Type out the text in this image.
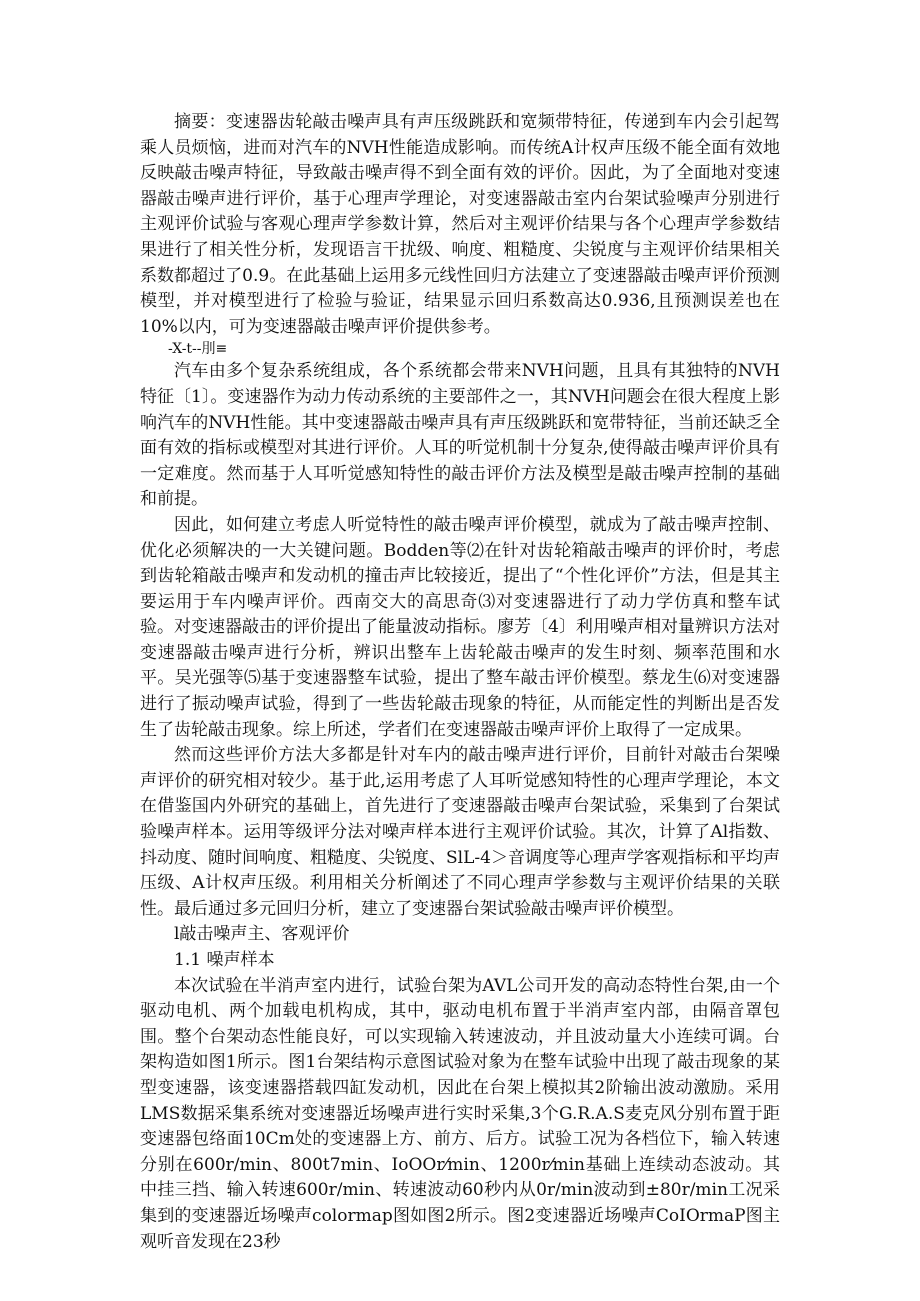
摘要：变速器齿轮敲击噪声具有声压级跳跃和宽频带特征，传递到车内会引起驾乘人员烦恼，进而对汽车的NVH性能造成影响。而传统A计权声压级不能全面有效地反映敲击噪声特征，导致敲击噪声得不到全面有效的评价。因此，为了全面地对变速器敲击噪声进行评价，基于心理声学理论，对变速器敲击室内台架试验噪声分别进行主观评价试验与客观心理声学参数计算，然后对主观评价结果与各个心理声学参数结果进行了相关性分析，发现语言干扰级、响度、粗糙度、尖锐度与主观评价结果相关系数都超过了0.9。在此基础上运用多元线性回归方法建立了变速器敲击噪声评价预测模型，并对模型进行了检验与验证，结果显示回归系数高达0.936,且预测误差也在10%以内，可为变速器敲击噪声评价提供参考。

-X-t--刖≡

汽车由多个复杂系统组成，各个系统都会带来NVH问题，且具有其独特的NVH特征〔1〕。变速器作为动力传动系统的主要部件之一，其NVH问题会在很大程度上影响汽车的NVH性能。其中变速器敲击噪声具有声压级跳跃和宽带特征，当前还缺乏全面有效的指标或模型对其进行评价。人耳的听觉机制十分复杂,使得敲击噪声评价具有一定难度。然而基于人耳听觉感知特性的敲击评价方法及模型是敲击噪声控制的基础和前提。

因此，如何建立考虑人听觉特性的敲击噪声评价模型，就成为了敲击噪声控制、优化必须解决的一大关键问题。Bodden等⑵在针对齿轮箱敲击噪声的评价时，考虑到齿轮箱敲击噪声和发动机的撞击声比较接近，提出了“个性化评价”方法，但是其主要运用于车内噪声评价。西南交大的高思奇⑶对变速器进行了动力学仿真和整车试验。对变速器敲击的评价提出了能量波动指标。廖芳〔4〕利用噪声相对量辨识方法对变速器敲击噪声进行分析，辨识出整车上齿轮敲击噪声的发生时刻、频率范围和水平。吴光强等⑸基于变速器整车试验，提出了整车敲击评价模型。蔡龙生⑹对变速器进行了振动噪声试验，得到了一些齿轮敲击现象的特征，从而能定性的判断出是否发生了齿轮敲击现象。综上所述，学者们在变速器敲击噪声评价上取得了一定成果。

然而这些评价方法大多都是针对车内的敲击噪声进行评价，目前针对敲击台架噪声评价的研究相对较少。基于此,运用考虑了人耳听觉感知特性的心理声学理论，本文在借鉴国内外研究的基础上，首先进行了变速器敲击噪声台架试验，采集到了台架试验噪声样本。运用等级评分法对噪声样本进行主观评价试验。其次，计算了Al指数、抖动度、随时间响度、粗糙度、尖锐度、SlL-4＞音调度等心理声学客观指标和平均声压级、A计权声压级。利用相关分析阐述了不同心理声学参数与主观评价结果的关联性。最后通过多元回归分析，建立了变速器台架试验敲击噪声评价模型。

l敲击噪声主、客观评价
1.1 噪声样本

本次试验在半消声室内进行，试验台架为AVL公司开发的高动态特性台架,由一个驱动电机、两个加载电机构成，其中，驱动电机布置于半消声室内部，由隔音罩包围。整个台架动态性能良好，可以实现输入转速波动，并且波动量大小连续可调。台架构造如图1所示。图1台架结构示意图试验对象为在整车试验中出现了敲击现象的某型变速器，该变速器搭载四缸发动机，因此在台架上模拟其2阶输出波动激励。采用LMS数据采集系统对变速器近场噪声进行实时采集,3个G.R.A.S麦克风分别布置于距变速器包络面10Cm处的变速器上方、前方、后方。试验工况为各档位下，输入转速分别在600r/min、800t7min、IoOOr⁄min、1200r⁄min基础上连续动态波动。其中挂三挡、输入转速600r/min、转速波动60秒内从0r/min波动到±80r/min工况采集到的变速器近场噪声colormap图如图2所示。图2变速器近场噪声CoIOrmaP图主观听音发现在23秒
